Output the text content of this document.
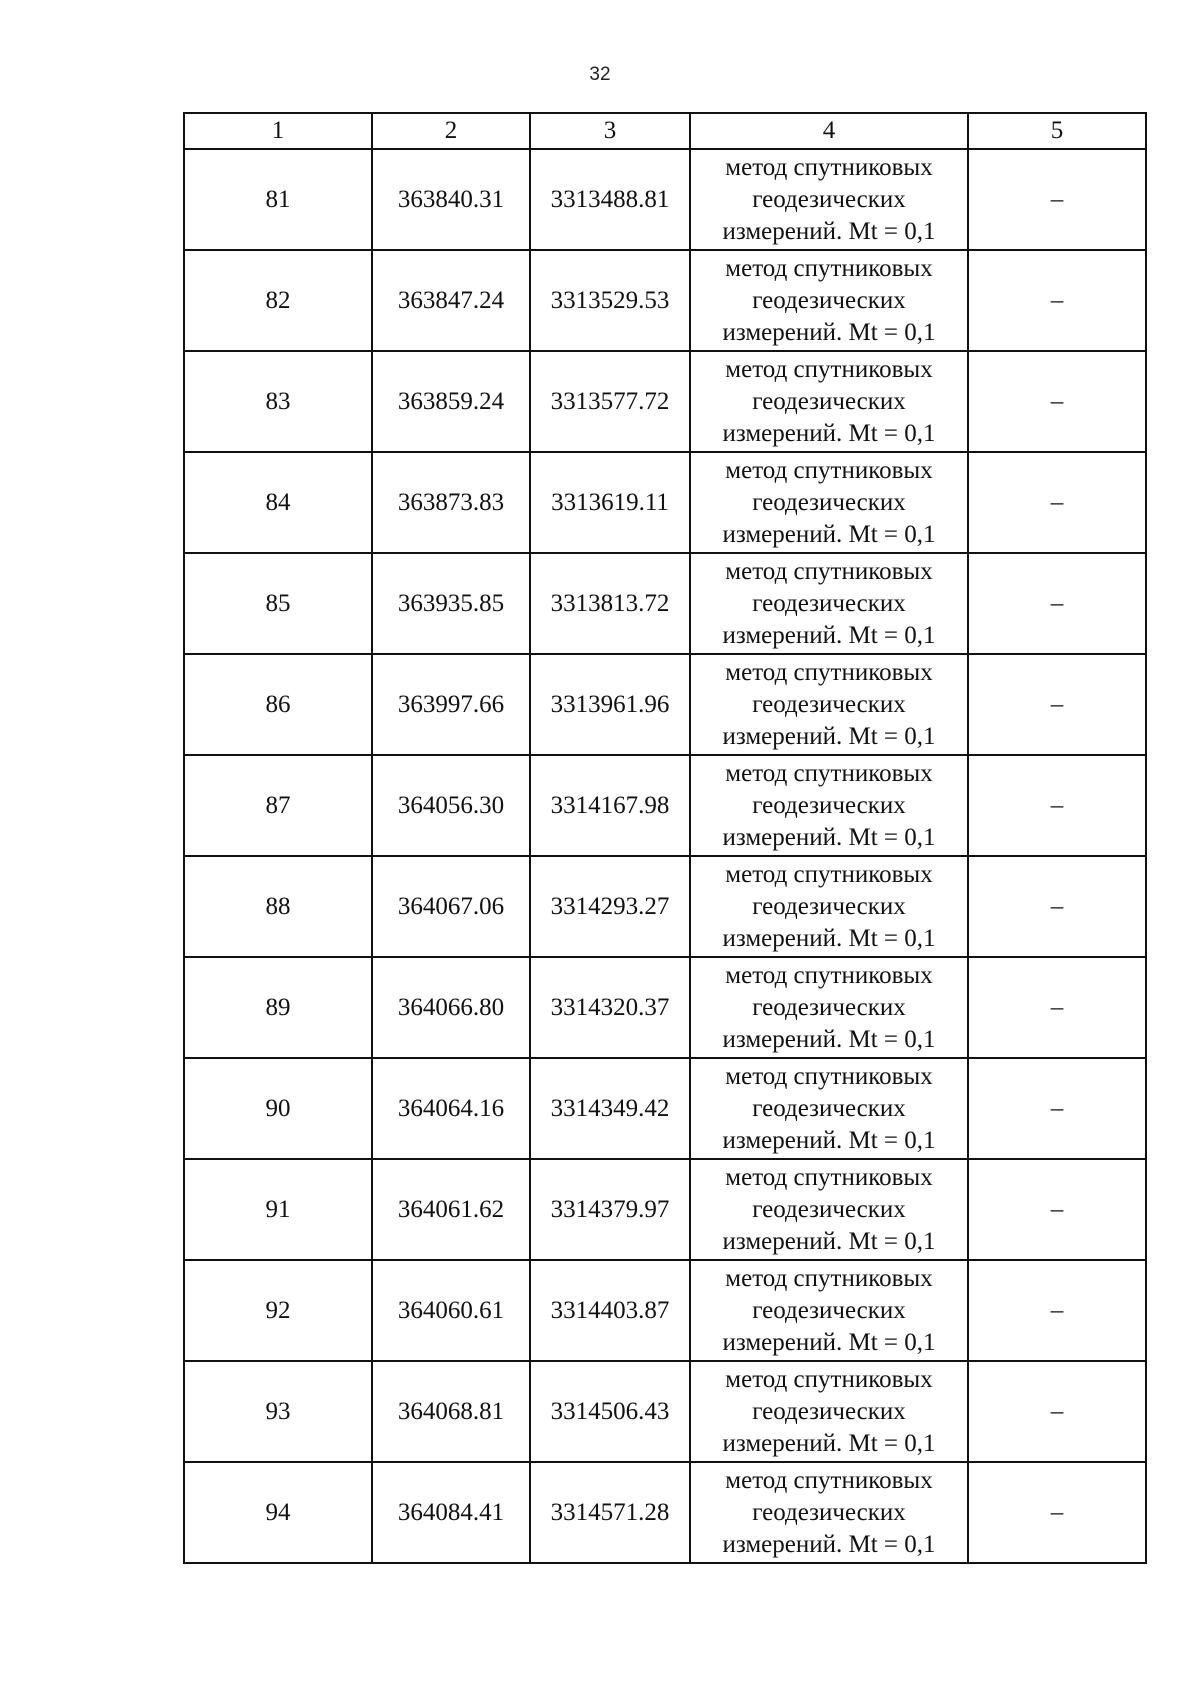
32
1	2	3	4	5
81	363840.31	3313488.81	метод спутниковых
геодезических
измерений. Mt = 0,1	–
82	363847.24	3313529.53	метод спутниковых
геодезических
измерений. Mt = 0,1	–
83	363859.24	3313577.72	метод спутниковых
геодезических
измерений. Mt = 0,1	–
84	363873.83	3313619.11	метод спутниковых
геодезических
измерений. Mt = 0,1	–
85	363935.85	3313813.72	метод спутниковых
геодезических
измерений. Mt = 0,1	–
86	363997.66	3313961.96	метод спутниковых
геодезических
измерений. Mt = 0,1	–
87	364056.30	3314167.98	метод спутниковых
геодезических
измерений. Mt = 0,1	–
88	364067.06	3314293.27	метод спутниковых
геодезических
измерений. Mt = 0,1	–
89	364066.80	3314320.37	метод спутниковых
геодезических
измерений. Mt = 0,1	–
90	364064.16	3314349.42	метод спутниковых
геодезических
измерений. Mt = 0,1	–
91	364061.62	3314379.97	метод спутниковых
геодезических
измерений. Mt = 0,1	–
92	364060.61	3314403.87	метод спутниковых
геодезических
измерений. Mt = 0,1	–
93	364068.81	3314506.43	метод спутниковых
геодезических
измерений. Mt = 0,1	–
94	364084.41	3314571.28	метод спутниковых
геодезических
измерений. Mt = 0,1	–
